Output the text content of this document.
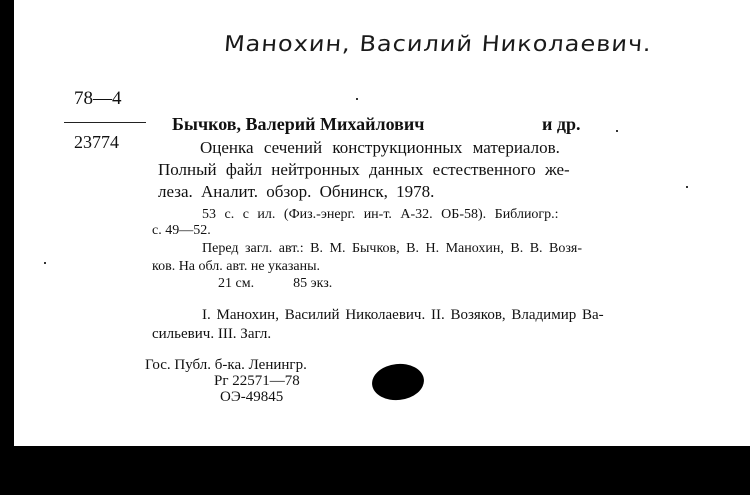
Манохин, Василий Николаевич.
78—4
23774
Бычков, Валерий Михайлович	и др.
Оценка сечений конструкционных материалов.
Полный файл нейтронных данных естественного же-
леза. Аналит. обзор. Обнинск, 1978.
53 с. с ил. (Физ.-энерг. ин-т. А-32. ОБ-58). Библиогр.:
с. 49—52.
Перед загл. авт.: В. М. Бычков, В. Н. Манохин, В. В. Возя-
ков. На обл. авт. не указаны.
21 см.	85 экз.
I. Манохин, Василий Николаевич. II. Возяков, Владимир Ва-
сильевич. III. Загл.
Гос. Публ. б-ка. Ленингр.
Рг 22571—78
ОЭ-49845
